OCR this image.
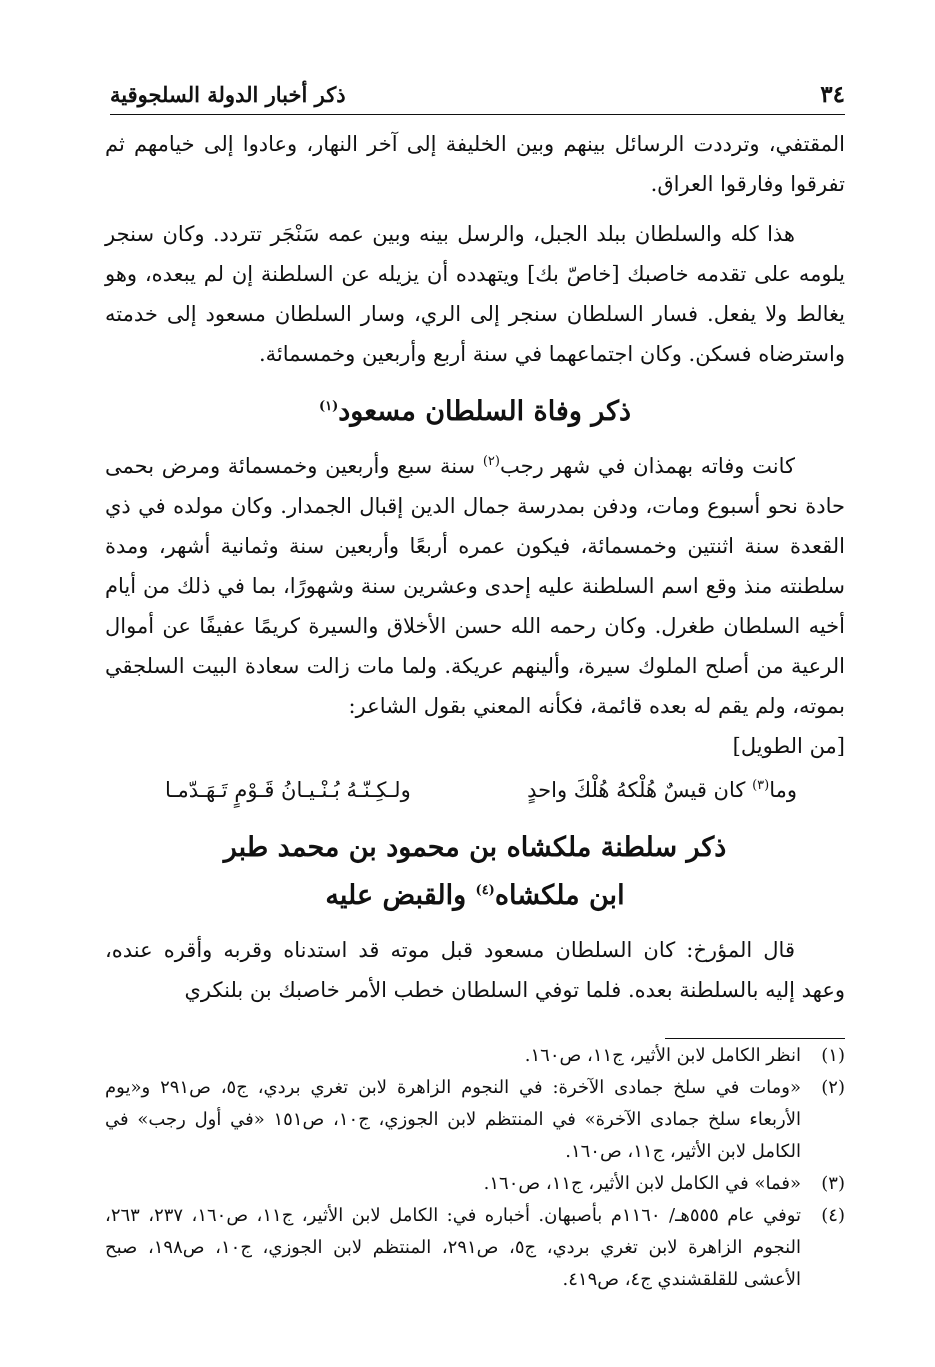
٣٤
ذكر أخبار الدولة السلجوقية

المقتفي، وترددت الرسائل بينهم وبين الخليفة إلى آخر النهار، وعادوا إلى خيامهم ثم تفرقوا وفارقوا العراق.

هذا كله والسلطان ببلد الجبل، والرسل بينه وبين عمه سَنْجَر تتردد. وكان سنجر يلومه على تقدمه خاصبك [خاصّ بك] ويتهدده أن يزيله عن السلطنة إن لم يبعده، وهو يغالط ولا يفعل. فسار السلطان سنجر إلى الري، وسار السلطان مسعود إلى خدمته واسترضاه فسكن. وكان اجتماعهما في سنة أربع وأربعين وخمسمائة.

ذكر وفاة السلطان مسعود$^{(١)}$

كانت وفاته بهمذان في شهر رجب$^{(٢)}$ سنة سبع وأربعين وخمسمائة ومرض بحمى حادة نحو أسبوع ومات، ودفن بمدرسة جمال الدين إقبال الجمدار. وكان مولده في ذي القعدة سنة اثنتين وخمسمائة، فيكون عمره أربعًا وأربعين سنة وثمانية أشهر، ومدة سلطنته منذ وقع اسم السلطنة عليه إحدى وعشرين سنة وشهورًا، بما في ذلك من أيام أخيه السلطان طغرل. وكان رحمه الله حسن الأخلاق والسيرة كريمًا عفيفًا عن أموال الرعية من أصلح الملوك سيرة، وألينهم عريكة. ولما مات زالت سعادة البيت السلجقي بموته، ولم يقم له بعده قائمة، فكأنه المعني بقول الشاعر:

[من الطويل]

وما$^{(٣)}$ كان قيسٌ هُلْكهُ هُلْكَ واحدٍ
ولـكِـنّـهُ بُـنْـيـانُ قَـوْمٍ تَـهَـدّمـا
ذكر سلطنة ملكشاه بن محمود بن محمد طبر
ابن ملكشاه$^{(٤)}$ والقبض عليه

قال المؤرخ: كان السلطان مسعود قبل موته قد استدناه وقربه وأقره عنده، وعهد إليه بالسلطنة بعده. فلما توفي السلطان خطب الأمر خاصبك بن بلنكري

(١)
انظر الكامل لابن الأثير، ج١١، ص١٦٠.
(٢)
«ومات في سلخ جمادى الآخرة: في النجوم الزاهرة لابن تغري بردي، ج٥، ص٢٩١ و«يوم الأربعاء سلخ جمادى الآخرة» في المنتظم لابن الجوزي، ج١٠، ص١٥١ «في أول رجب» في الكامل لابن الأثير، ج١١، ص١٦٠.
(٣)
«فما» في الكامل لابن الأثير، ج١١، ص١٦٠.
(٤)
توفي عام ٥٥٥هـ/ ١١٦٠م بأصبهان. أخباره في: الكامل لابن الأثير، ج١١، ص١٦٠، ٢٣٧، ٢٦٣، النجوم الزاهرة لابن تغري بردي، ج٥، ص٢٩١، المنتظم لابن الجوزي، ج١٠، ص١٩٨، صبح الأعشى للقلقشندي ج٤، ص٤١٩.
